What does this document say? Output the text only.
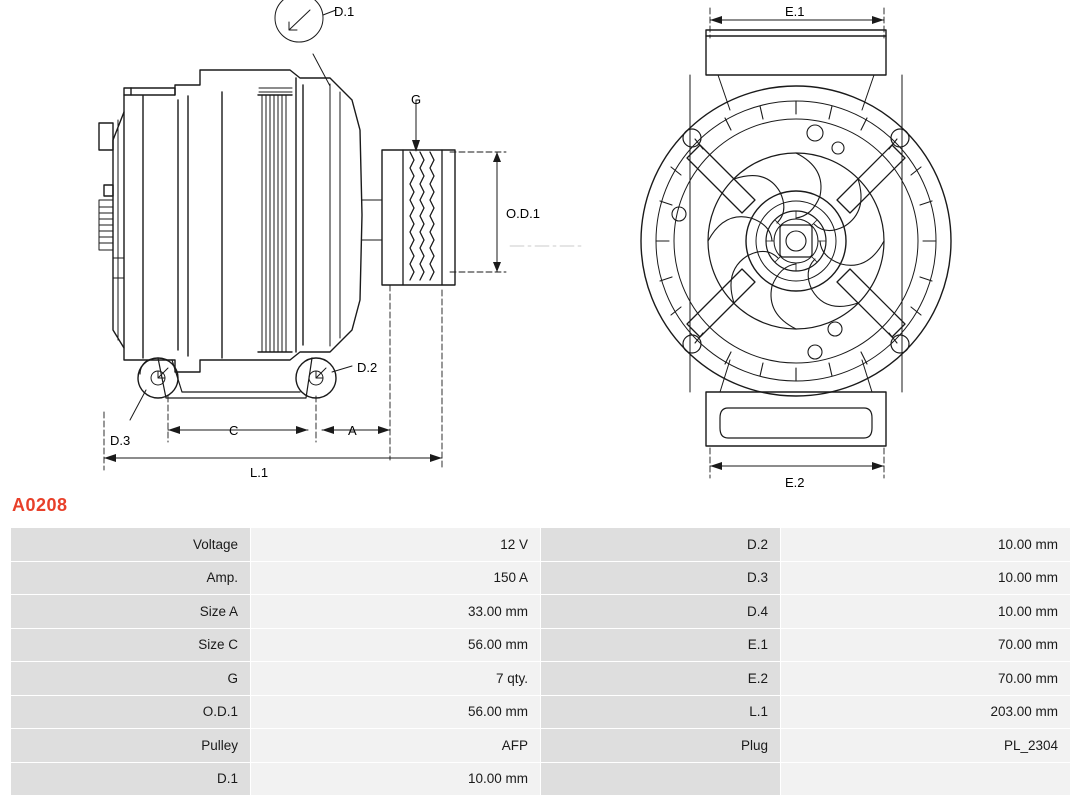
D.1
D.2
D.3
G
O.D.1
C	A
L.1
E.1
E.2
A0208
Voltage	12 V	D.2	10.00 mm
Amp.	150 A	D.3	10.00 mm
Size A	33.00 mm	D.4	10.00 mm
Size C	56.00 mm	E.1	70.00 mm
G	7 qty.	E.2	70.00 mm
O.D.1	56.00 mm	L.1	203.00 mm
Pulley	AFP	Plug	PL_2304
D.1	10.00 mm		
